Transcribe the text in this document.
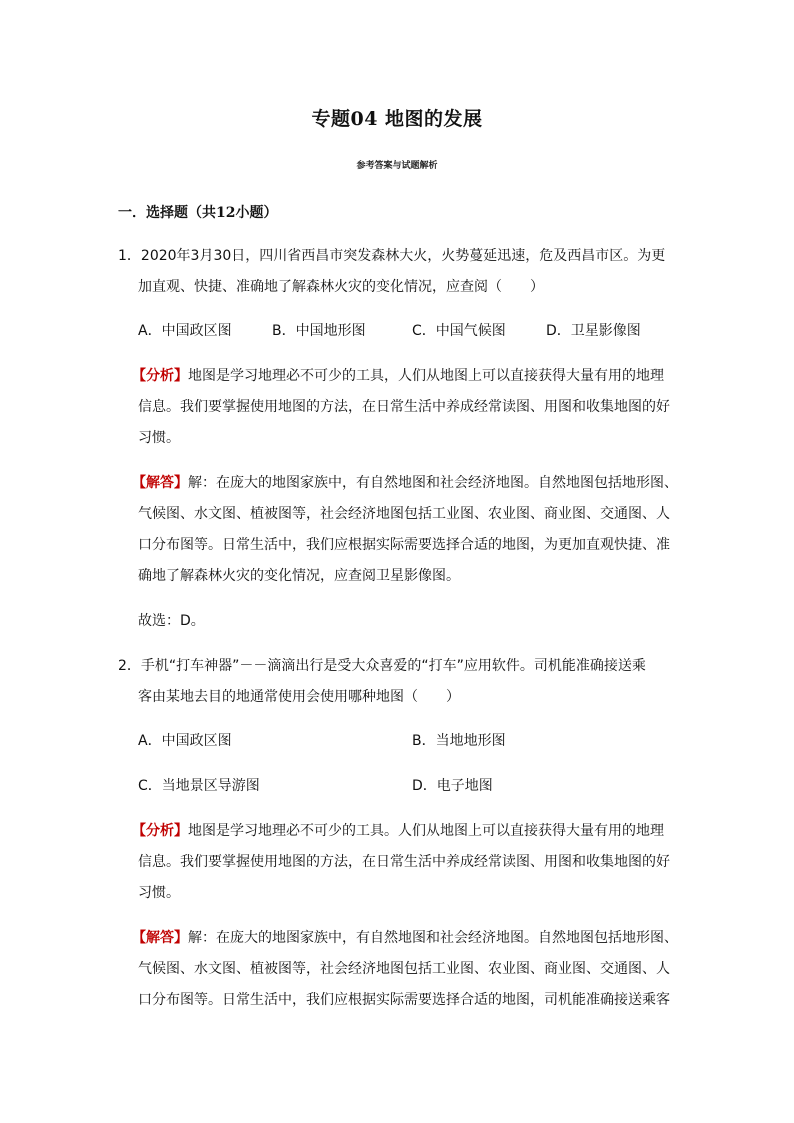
专题04 地图的发展
参考答案与试题解析
一．选择题（共12小题）
1．2020年3月30日，四川省西昌市突发森林大火，火势蔓延迅速，危及西昌市区。为更
加直观、快捷、准确地了解森林火灾的变化情况，应查阅（　　）
A．中国政区图	B．中国地形图	C．中国气候图	D．卫星影像图
【分析】地图是学习地理必不可少的工具，人们从地图上可以直接获得大量有用的地理
信息。我们要掌握使用地图的方法，在日常生活中养成经常读图、用图和收集地图的好
习惯。
【解答】解：在庞大的地图家族中，有自然地图和社会经济地图。自然地图包括地形图、
气候图、水文图、植被图等，社会经济地图包括工业图、农业图、商业图、交通图、人
口分布图等。日常生活中，我们应根据实际需要选择合适的地图，为更加直观快捷、准
确地了解森林火灾的变化情况，应查阅卫星影像图。
故选：D。
2．手机“打车神器”－－滴滴出行是受大众喜爱的“打车”应用软件。司机能准确接送乘
客由某地去目的地通常使用会使用哪种地图（　　）
A．中国政区图	B．当地地形图
C．当地景区导游图	D．电子地图
【分析】地图是学习地理必不可少的工具。人们从地图上可以直接获得大量有用的地理
信息。我们要掌握使用地图的方法，在日常生活中养成经常读图、用图和收集地图的好
习惯。
【解答】解：在庞大的地图家族中，有自然地图和社会经济地图。自然地图包括地形图、
气候图、水文图、植被图等，社会经济地图包括工业图、农业图、商业图、交通图、人
口分布图等。日常生活中，我们应根据实际需要选择合适的地图，司机能准确接送乘客
